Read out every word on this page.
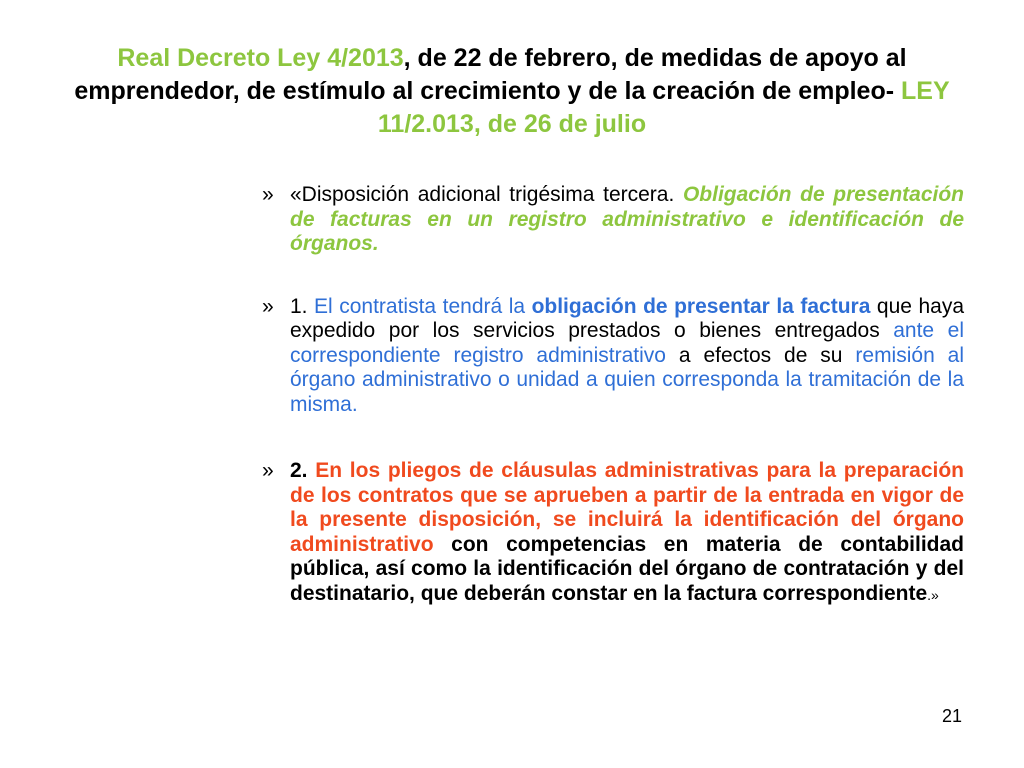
Real Decreto Ley 4/2013, de 22 de febrero, de medidas de apoyo al emprendedor, de estímulo al crecimiento y de la creación de empleo- LEY 11/2.013, de 26 de julio
» «Disposición adicional trigésima tercera. Obligación de presentación de facturas en un registro administrativo e identificación de órganos.
» 1. El contratista tendrá la obligación de presentar la factura que haya expedido por los servicios prestados o bienes entregados ante el correspondiente registro administrativo a efectos de su remisión al órgano administrativo o unidad a quien corresponda la tramitación de la misma.
» 2. En los pliegos de cláusulas administrativas para la preparación de los contratos que se aprueben a partir de la entrada en vigor de la presente disposición, se incluirá la identificación del órgano administrativo con competencias en materia de contabilidad pública, así como la identificación del órgano de contratación y del destinatario, que deberán constar en la factura correspondiente.»
21
